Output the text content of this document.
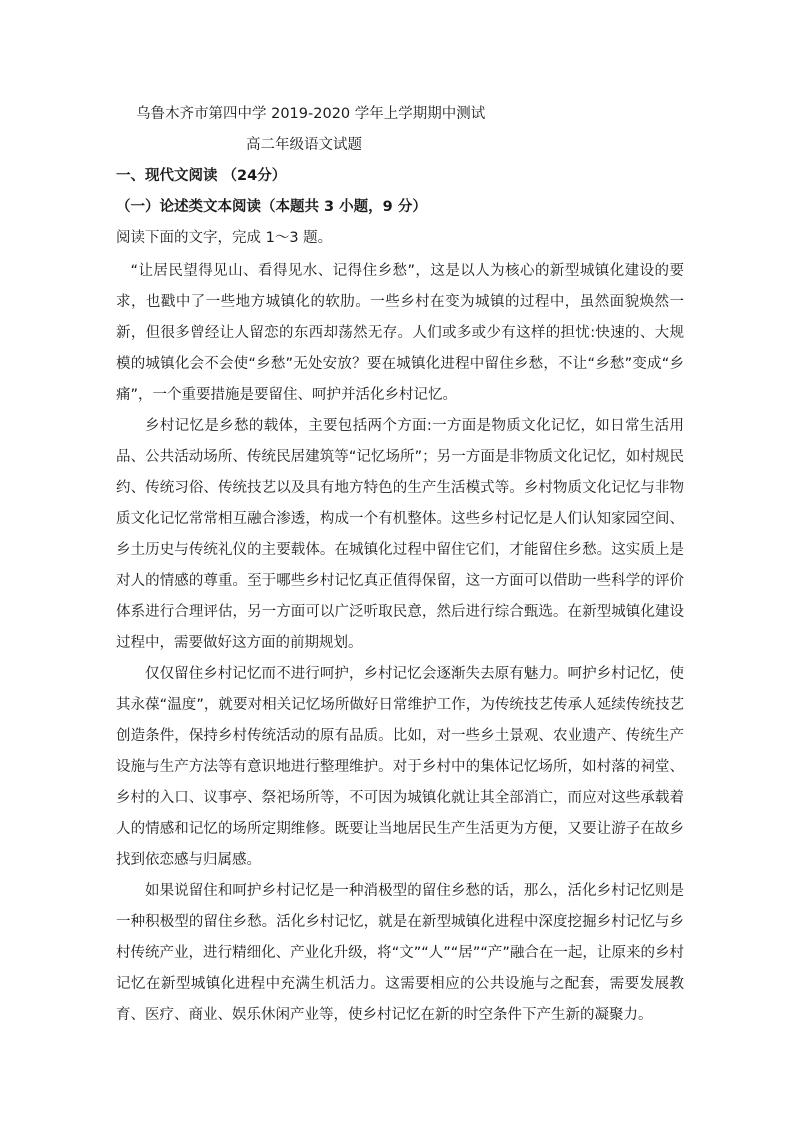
乌鲁木齐市第四中学 2019-2020 学年上学期期中测试
高二年级语文试题
一、现代文阅读 （24分）
（一）论述类文本阅读（本题共 3 小题，9 分）
阅读下面的文字，完成 1～3 题。

“让居民望得见山、看得见水、记得住乡愁”，这是以人为核心的新型城镇化建设的要求，也戳中了一些地方城镇化的软肋。一些乡村在变为城镇的过程中，虽然面貌焕然一新，但很多曾经让人留恋的东西却荡然无存。人们或多或少有这样的担忧:快速的、大规模的城镇化会不会使“乡愁”无处安放？要在城镇化进程中留住乡愁，不让“乡愁”变成“乡痛”，一个重要措施是要留住、呵护并活化乡村记忆。

乡村记忆是乡愁的载体，主要包括两个方面:一方面是物质文化记忆，如日常生活用品、公共活动场所、传统民居建筑等“记忆场所”；另一方面是非物质文化记忆，如村规民约、传统习俗、传统技艺以及具有地方特色的生产生活模式等。乡村物质文化记忆与非物质文化记忆常常相互融合渗透，构成一个有机整体。这些乡村记忆是人们认知家园空间、乡土历史与传统礼仪的主要载体。在城镇化过程中留住它们，才能留住乡愁。这实质上是对人的情感的尊重。至于哪些乡村记忆真正值得保留，这一方面可以借助一些科学的评价体系进行合理评估，另一方面可以广泛听取民意，然后进行综合甄选。在新型城镇化建设过程中，需要做好这方面的前期规划。

仅仅留住乡村记忆而不进行呵护，乡村记忆会逐渐失去原有魅力。呵护乡村记忆，使其永葆“温度”，就要对相关记忆场所做好日常维护工作，为传统技艺传承人延续传统技艺创造条件，保持乡村传统活动的原有品质。比如，对一些乡土景观、农业遗产、传统生产设施与生产方法等有意识地进行整理维护。对于乡村中的集体记忆场所，如村落的祠堂、乡村的入口、议事亭、祭祀场所等，不可因为城镇化就让其全部消亡，而应对这些承载着人的情感和记忆的场所定期维修。既要让当地居民生产生活更为方便，又要让游子在故乡找到依恋感与归属感。

如果说留住和呵护乡村记忆是一种消极型的留住乡愁的话，那么，活化乡村记忆则是一种积极型的留住乡愁。活化乡村记忆，就是在新型城镇化进程中深度挖掘乡村记忆与乡村传统产业，进行精细化、产业化升级，将“文”“人”“居”“产”融合在一起，让原来的乡村记忆在新型城镇化进程中充满生机活力。这需要相应的公共设施与之配套，需要发展教育、医疗、商业、娱乐休闲产业等，使乡村记忆在新的时空条件下产生新的凝聚力。
